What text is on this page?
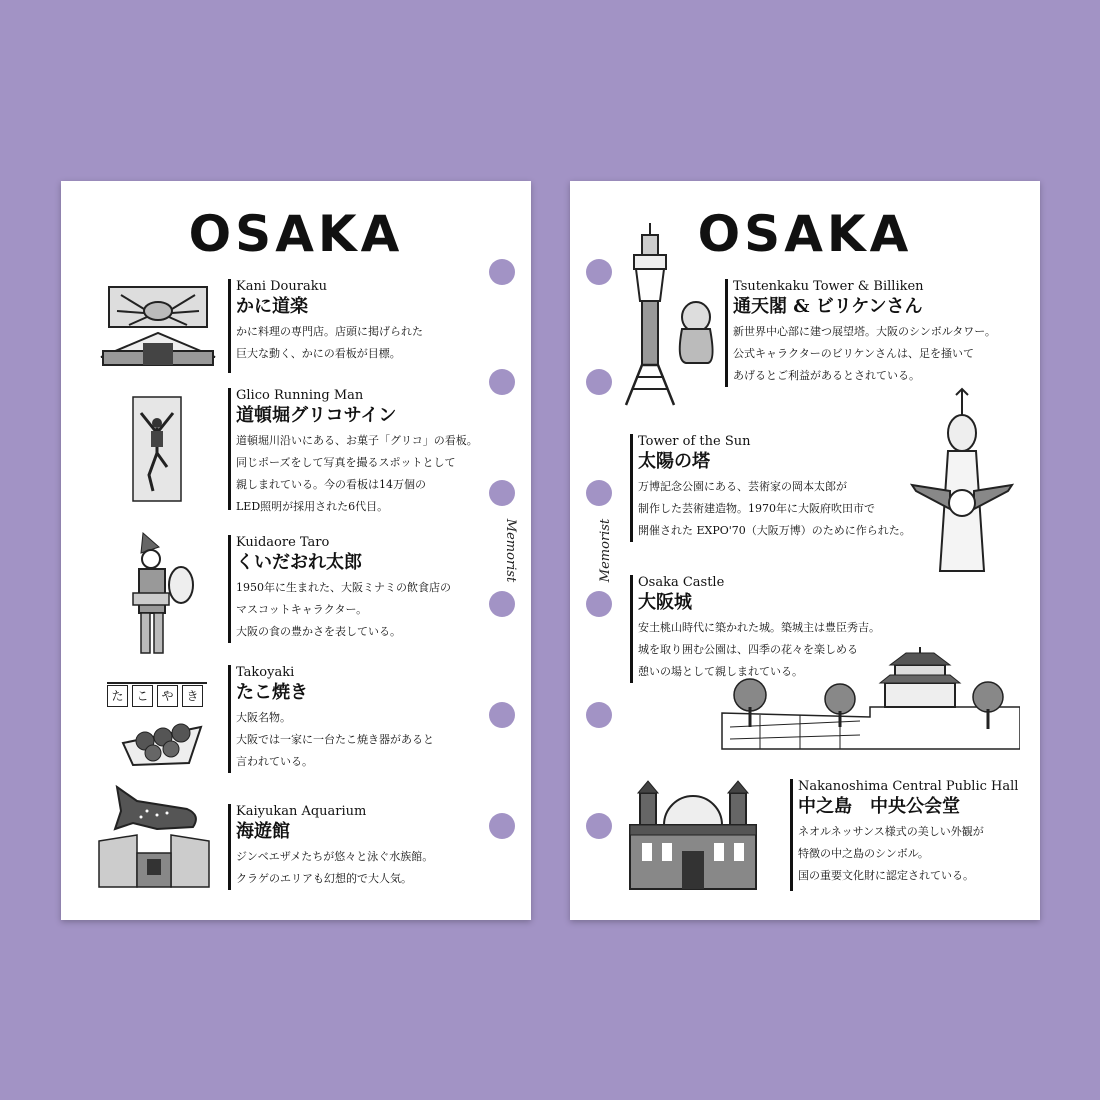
OSAKA
Memorist
Kani Douraku
かに道楽
かに料理の専門店。店頭に掲げられた
巨大な動く、かにの看板が目標。
Glico Running Man
道頓堀グリコサイン
道頓堀川沿いにある、お菓子「グリコ」の看板。
同じポーズをして写真を撮るスポットとして
親しまれている。今の看板は14万個の
LED照明が採用された6代目。
Kuidaore Taro
くいだおれ太郎
1950年に生まれた、大阪ミナミの飲食店の
マスコットキャラクター。
大阪の食の豊かさを表している。
た	こ	や	き
Takoyaki
たこ焼き
大阪名物。
大阪では一家に一台たこ焼き器があると
言われている。
Kaiyukan Aquarium
海遊館
ジンベエザメたちが悠々と泳ぐ水族館。
クラゲのエリアも幻想的で大人気。
OSAKA
Memorist
Tsutenkaku Tower & Billiken
通天閣 & ビリケンさん
新世界中心部に建つ展望塔。大阪のシンボルタワー。
公式キャラクターのビリケンさんは、足を掻いて
あげるとご利益があるとされている。
Tower of the Sun
太陽の塔
万博記念公園にある、芸術家の岡本太郎が
制作した芸術建造物。1970年に大阪府吹田市で
開催された EXPO'70（大阪万博）のために作られた。
Osaka Castle
大阪城
安土桃山時代に築かれた城。築城主は豊臣秀吉。
城を取り囲む公園は、四季の花々を楽しめる
憩いの場として親しまれている。
Nakanoshima Central Public Hall
中之島　中央公会堂
ネオルネッサンス様式の美しい外観が
特徴の中之島のシンボル。
国の重要文化財に認定されている。
